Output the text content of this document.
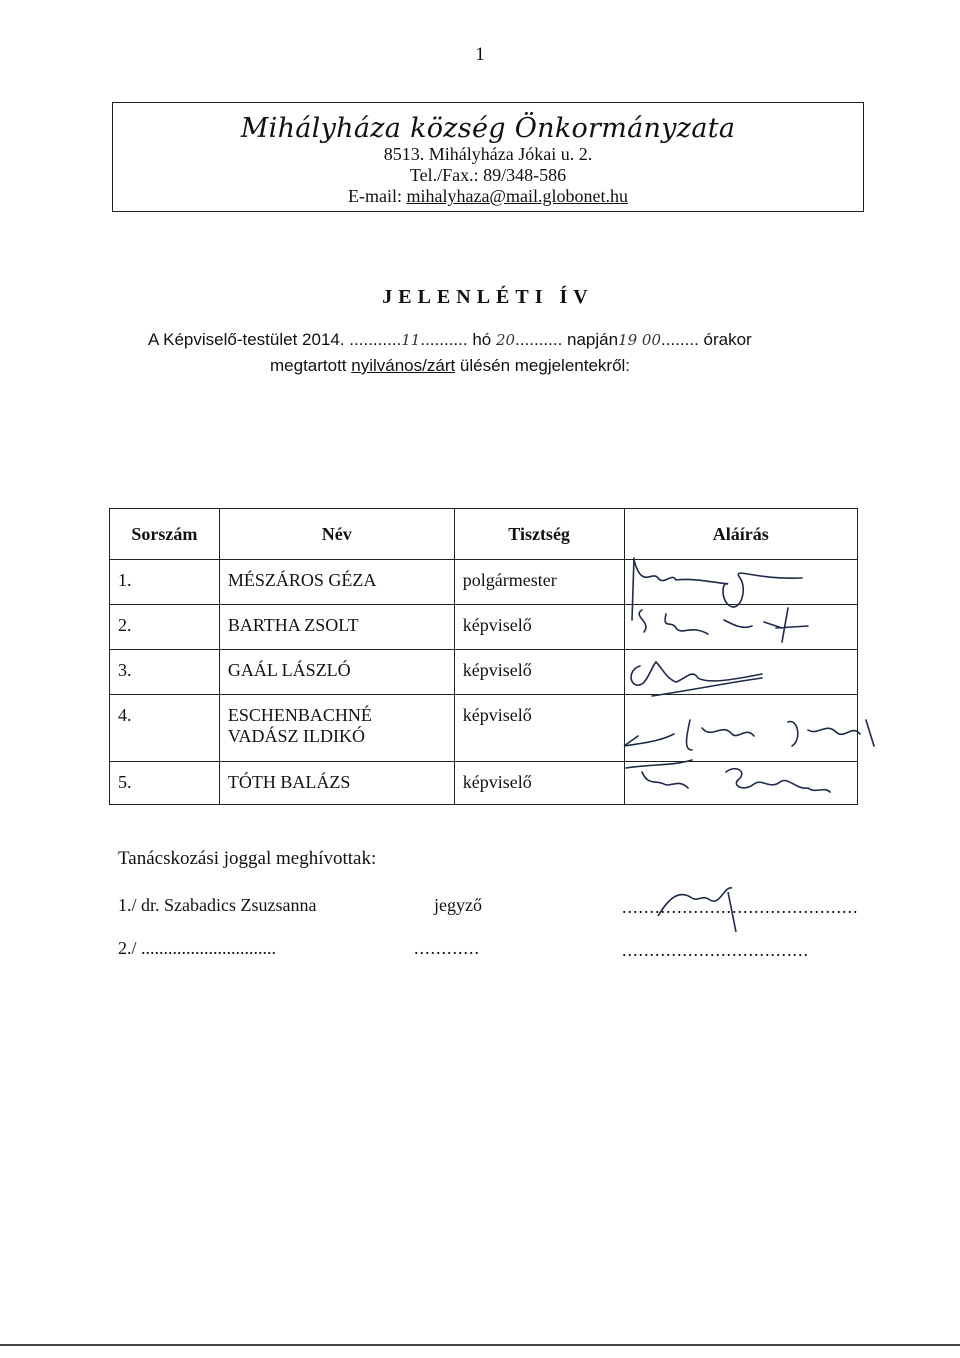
1
Mihályháza község Önkormányzata
8513. Mihályháza Jókai u. 2.
Tel./Fax.: 89/348-586
E-mail: mihalyhaza@mail.globonet.hu
JELENLÉTI ÍV
A Képviselő-testület 2014. ...........11.......... hó 20.......... napján19 00........ órakor
megtartott nyilvános/zárt ülésén megjelentekről:
Sorszám	Név	Tisztség	Aláírás
1.	MÉSZÁROS GÉZA	polgármester	
2.	BARTHA ZSOLT	képviselő	
3.	GAÁL LÁSZLÓ	képviselő	
4.	ESCHENBACHNÉ VADÁSZ ILDIKÓ	képviselő	
5.	TÓTH BALÁZS	képviselő	
Tanácskozási joggal meghívottak:
1./ dr. Szabadics Zsuzsanna	jegyző	...........................................
2./ ..............................	............	..................................
